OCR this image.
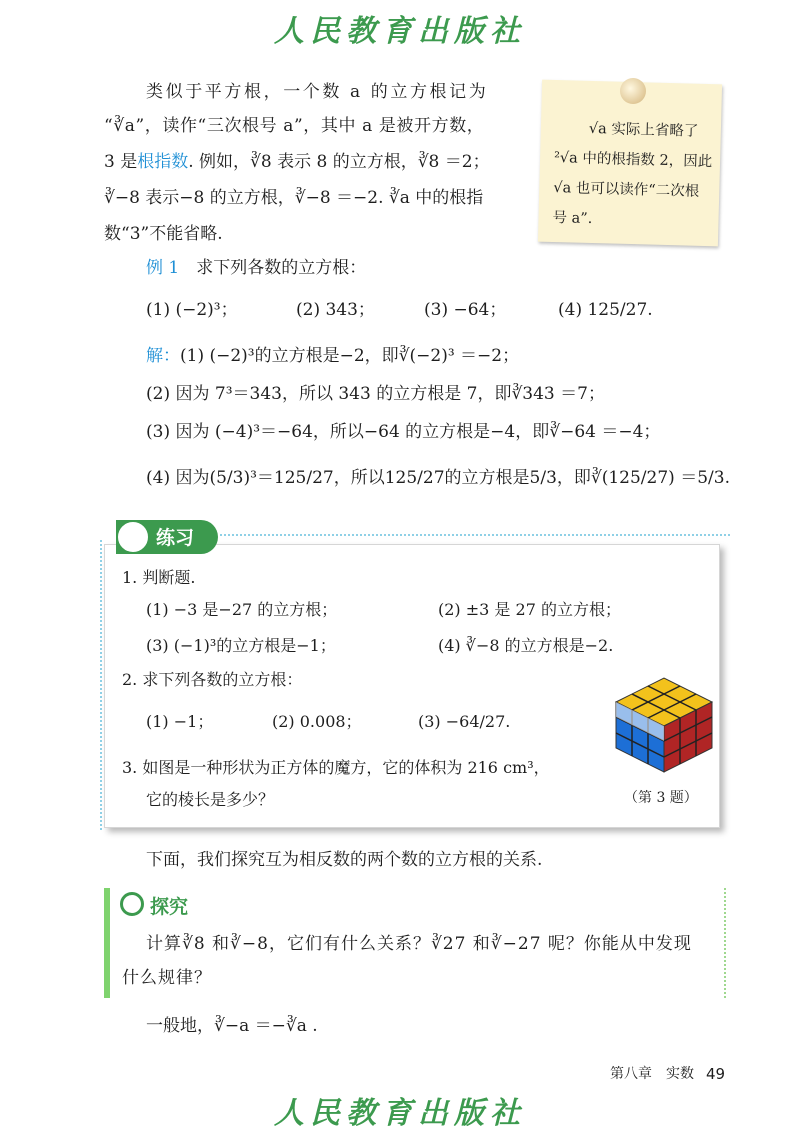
人民教育出版社
类似于平方根，一个数 a 的立方根记为
“∛a”，读作“三次根号 a”，其中 a 是被开方数，
3 是根指数. 例如，∛8 表示 8 的立方根，∛8 ＝2；
∛−8 表示−8 的立方根，∛−8 ＝−2. ∛a 中的根指
数“3”不能省略.
√a 实际上省略了
²√a 中的根指数 2，因此
√a 也可以读作“二次根
号 a”.
例 1　 求下列各数的立方根：
(1) (−2)³；	(2) 343；	(3) −64；	(4) 125/27.
解：(1) (−2)³的立方根是−2，即∛(−2)³ ＝−2；
(2) 因为 7³＝343，所以 343 的立方根是 7，即∛343 ＝7；
(3) 因为 (−4)³＝−64，所以−64 的立方根是−4，即∛−64 ＝−4；
(4) 因为(5/3)³＝125/27，所以125/27的立方根是5/3，即∛(125/27) ＝5/3.
练习
1. 判断题.
(1) −3 是−27 的立方根；	(2) ±3 是 27 的立方根；
(3) (−1)³的立方根是−1；	(4) ∛−8 的立方根是−2.
2. 求下列各数的立方根：
(1) −1；	(2) 0.008；	(3) −64/27.
3. 如图是一种形状为正方体的魔方，它的体积为 216 cm³，
它的棱长是多少？	（第 3 题）
下面，我们探究互为相反数的两个数的立方根的关系.
探究
计算∛8 和∛−8，它们有什么关系？∛27 和∛−27 呢？你能从中发现
什么规律？
一般地，∛−a ＝−∛a .
第八章　实数 49
人民教育出版社
